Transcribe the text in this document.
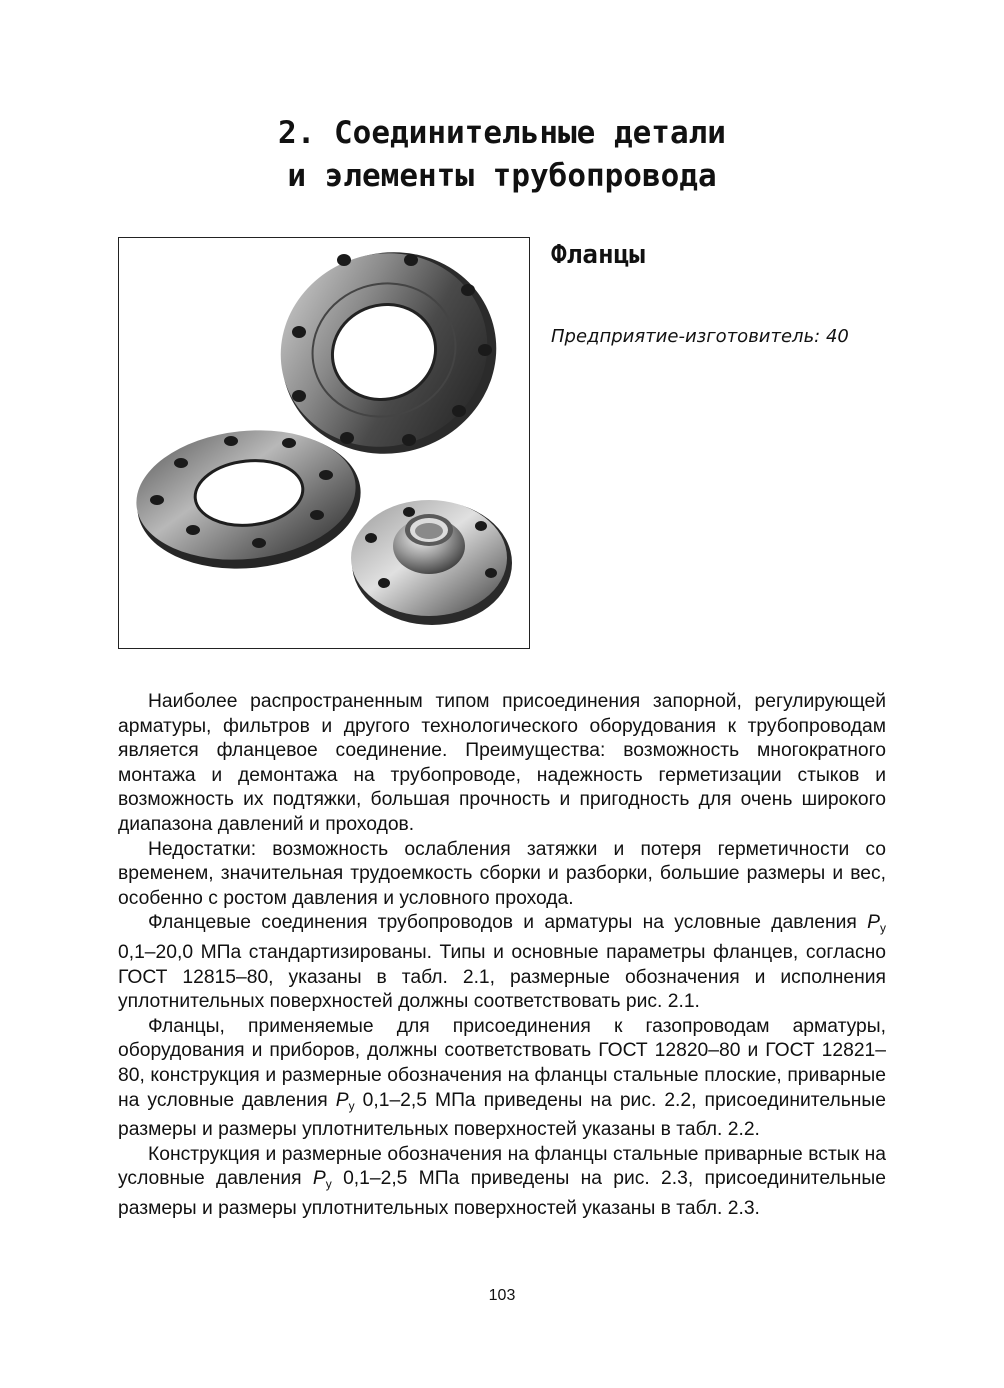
2. Соединительные детали
и элементы трубопровода
Фланцы
Предприятие-изготовитель: 40

Наиболее распространенным типом присоединения запорной, регулирующей арматуры, фильтров и другого технологического оборудования к трубопроводам является фланцевое соединение. Преимущества: возможность многократного монтажа и демонтажа на трубопроводе, надежность герметизации стыков и возможность их подтяжки, большая прочность и пригодность для очень широкого диапазона давлений и проходов.

Недостатки: возможность ослабления затяжки и потеря герметичности со временем, значительная трудоемкость сборки и разборки, большие размеры и вес, особенно с ростом давления и условного прохода.

Фланцевые соединения трубопроводов и арматуры на условные давления $P_у$ 0,1–20,0 МПа стандартизированы. Типы и основные параметры фланцев, согласно ГОСТ 12815–80, указаны в табл. 2.1, размерные обозначения и исполнения уплотнительных поверхностей должны соответствовать рис. 2.1.

Фланцы, применяемые для присоединения к газопроводам арматуры, оборудования и приборов, должны соответствовать ГОСТ 12820–80 и ГОСТ 12821–80, конструкция и размерные обозначения на фланцы стальные плоские, приварные на условные давления $P_у$ 0,1–2,5 МПа приведены на рис. 2.2, присоединительные размеры и размеры уплотнительных поверхностей указаны в табл. 2.2.

Конструкция и размерные обозначения на фланцы стальные приварные встык на условные давления $P_у$ 0,1–2,5 МПа приведены на рис. 2.3, присоединительные размеры и размеры уплотнительных поверхностей указаны в табл. 2.3.

103
